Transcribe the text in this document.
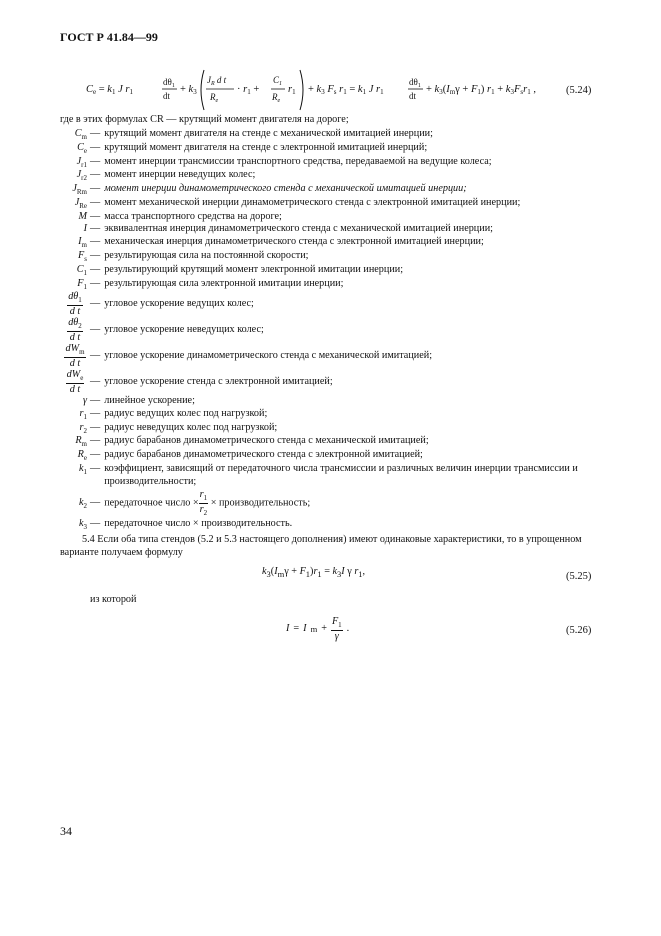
ГОСТ Р 41.84—99
Ce = k1 J r1
$d\theta_1$
dt
+ k3
$J_R$ d t
$R_e$
· r1 +
$C_1$
$R_e$
r1 + k3 Fs r1 = k1 J r1
$d\theta_1$
dt
+ k3(Imγ + F1) r1 + k3Fsr1 ,	(5.24)
где в этих формулах CR — крутящий момент двигателя на дороге;
$C_m$ — крутящий момент двигателя на стенде с механической имитацией инерции;
$C_e$ — крутящий момент двигателя на стенде с электронной имитацией инерций;
$J_{r1}$ — момент инерции трансмиссии транспортного средства, передаваемой на ведущие колеса;
$J_{r2}$ — момент инерции неведущих колес;
$J_{Rm}$ — момент инерции динамометрического стенда с механической имитацией инерции;
$J_{Re}$ — момент механической инерции динамометрического стенда с электронной имитацией инерции;
M — масса транспортного средства на дороге;
I — эквивалентная инерция динамометрического стенда с механической имитацией инерции;
$I_m$ — механическая инерция динамометрического стенда с электронной имитацией инерции;
$F_s$ — результирующая сила на постоянной скорости;
$C_1$ — результирующий крутящий момент электронной имитации инерции;
$F_1$ — результирующая сила электронной имитации инерции;
$\frac{d\theta_1}{\text{d t}}$ — угловое ускорение ведущих колес;
$\frac{d\theta_2}{\text{d t}}$ — угловое ускорение неведущих колес;
$\frac{dW_m}{\text{d t}}$ — угловое ускорение динамометрического стенда с механической имитацией;
$\frac{dW_e}{\text{d t}}$ — угловое ускорение стенда с электронной имитацией;
γ — линейное ускорение;
$r_1$ — радиус ведущих колес под нагрузкой;
$r_2$ — радиус неведущих колес под нагрузкой;
$R_m$ — радиус барабанов динамометрического стенда с механической имитацией;
$R_e$ — радиус барабанов динамометрического стенда с электронной имитацией;
$k_1$ — коэффициент, зависящий от передаточного числа трансмиссии и различных величин инерции трансмиссии и производительности;
$k_2$ — передаточное число × $\frac{r_1}{r_2}$ × производительность;
$k_3$ — передаточное число × производительность.
5.4 Если оба типа стендов (5.2 и 5.3 настоящего дополнения) имеют одинаковые характеристики, то в упрощенном варианте получаем формулу
$k_3(I_m\gamma + F_1)r_1 = k_3I$ γ $r_1$,	(5.25)
из которой
I = I $m + \frac{F_1}{\gamma}$ .	(5.26)
34
